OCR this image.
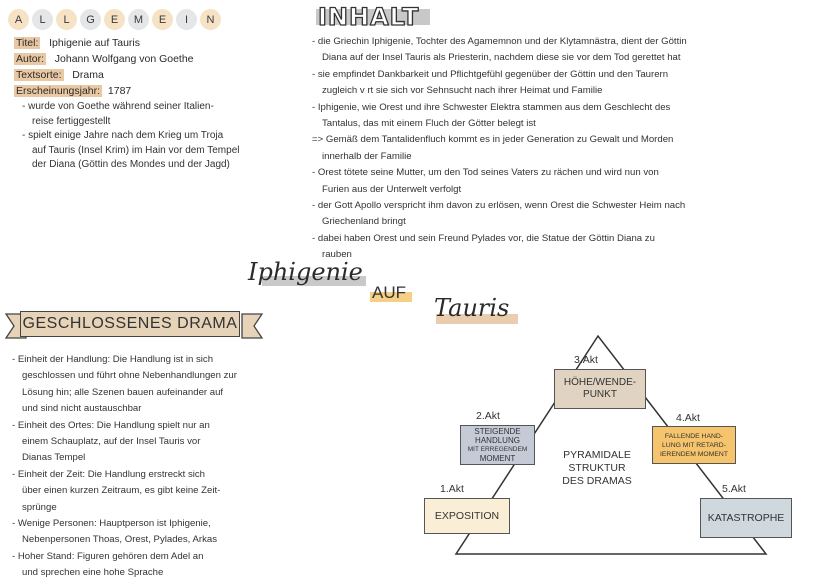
A	L	L	G	E	M	E	I	N
Titel: Iphigenie auf Tauris
Autor: Johann Wolfgang von Goethe
Textsorte: Drama
Erscheinungsjahr: 1787
- wurde von Goethe während seiner Italien-
reise fertiggestellt
- spielt einige Jahre nach dem Krieg um Troja
auf Tauris (Insel Krim) im Hain vor dem Tempel
der Diana (Göttin des Mondes und der Jagd)
INHALT
- die Griechin Iphigenie, Tochter des Agamemnon und der Klytamnästra, dient der Göttin
Diana auf der Insel Tauris als Priesterin, nachdem diese sie vor dem Tod gerettet hat
- sie empfindet Dankbarkeit und Pflichtgefühl gegenüber der Göttin und den Taurern
zugleich v rt sie sich vor Sehnsucht nach ihrer Heimat und Familie
- Iphigenie, wie Orest und ihre Schwester Elektra stammen aus dem Geschlecht des
Tantalus, das mit einem Fluch der Götter belegt ist
=> Gemäß dem Tantalidenfluch kommt es in jeder Generation zu Gewalt und Morden
innerhalb der Familie
- Orest tötete seine Mutter, um den Tod seines Vaters zu rächen und wird nun von
Furien aus der Unterwelt verfolgt
- der Gott Apollo verspricht ihm davon zu erlösen, wenn Orest die Schwester Heim nach
Griechenland bringt
- dabei haben Orest und sein Freund Pylades vor, die Statue der Göttin Diana zu
rauben
Iphigenie
AUF
Tauris
GESCHLOSSENES DRAMA
- Einheit der Handlung: Die Handlung ist in sich
geschlossen und führt ohne Nebenhandlungen zur
Lösung hin; alle Szenen bauen aufeinander auf
und sind nicht austauschbar
- Einheit des Ortes: Die Handlung spielt nur an
einem Schauplatz, auf der Insel Tauris vor
Dianas Tempel
- Einheit der Zeit: Die Handlung erstreckt sich
über einen kurzen Zeitraum, es gibt keine Zeit-
sprünge
- Wenige Personen: Hauptperson ist Iphigenie,
Nebenpersonen Thoas, Orest, Pylades, Arkas
- Hoher Stand: Figuren gehören dem Adel an
und sprechen eine hohe Sprache
3.Akt
HÖHE/WENDE-
PUNKT
2.Akt
STEIGENDE
HANDLUNG
MIT ERREGENDEM
MOMENT
4.Akt
FALLENDE HAND-
LUNG MIT RETARD-
IERENDEM MOMENT
PYRAMIDALE
STRUKTUR
DES DRAMAS
1.Akt
EXPOSITION
5.Akt
KATASTROPHE
